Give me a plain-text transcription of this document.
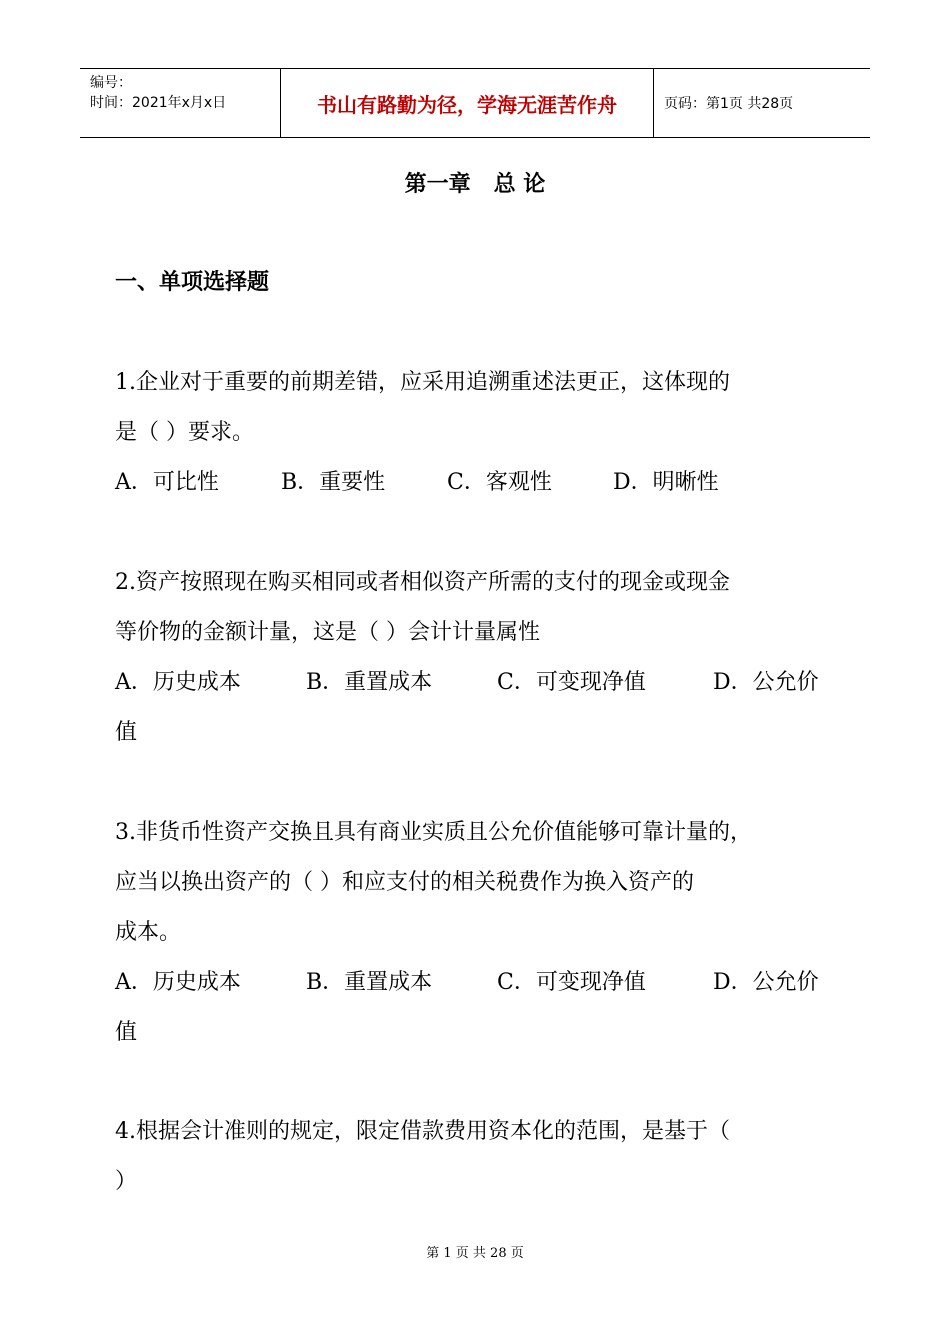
编号：
时间：2021年x月x日	书山有路勤为径，学海无涯苦作舟	页码：第1页 共28页
第一章   总 论
一、单项选择题
1.企业对于重要的前期差错，应采用追溯重述法更正，这体现的
是（ ）要求。
A．可比性	B．重要性	C．客观性	D．明晰性
2.资产按照现在购买相同或者相似资产所需的支付的现金或现金
等价物的金额计量，这是（ ）会计计量属性
A．历史成本	B．重置成本	C．可变现净值	D．公允价
值
3.非货币性资产交换且具有商业实质且公允价值能够可靠计量的，
应当以换出资产的（ ）和应支付的相关税费作为换入资产的
成本。
A．历史成本	B．重置成本	C．可变现净值	D．公允价
值
4.根据会计准则的规定，限定借款费用资本化的范围，是基于（
）
第 1 页 共 28 页
